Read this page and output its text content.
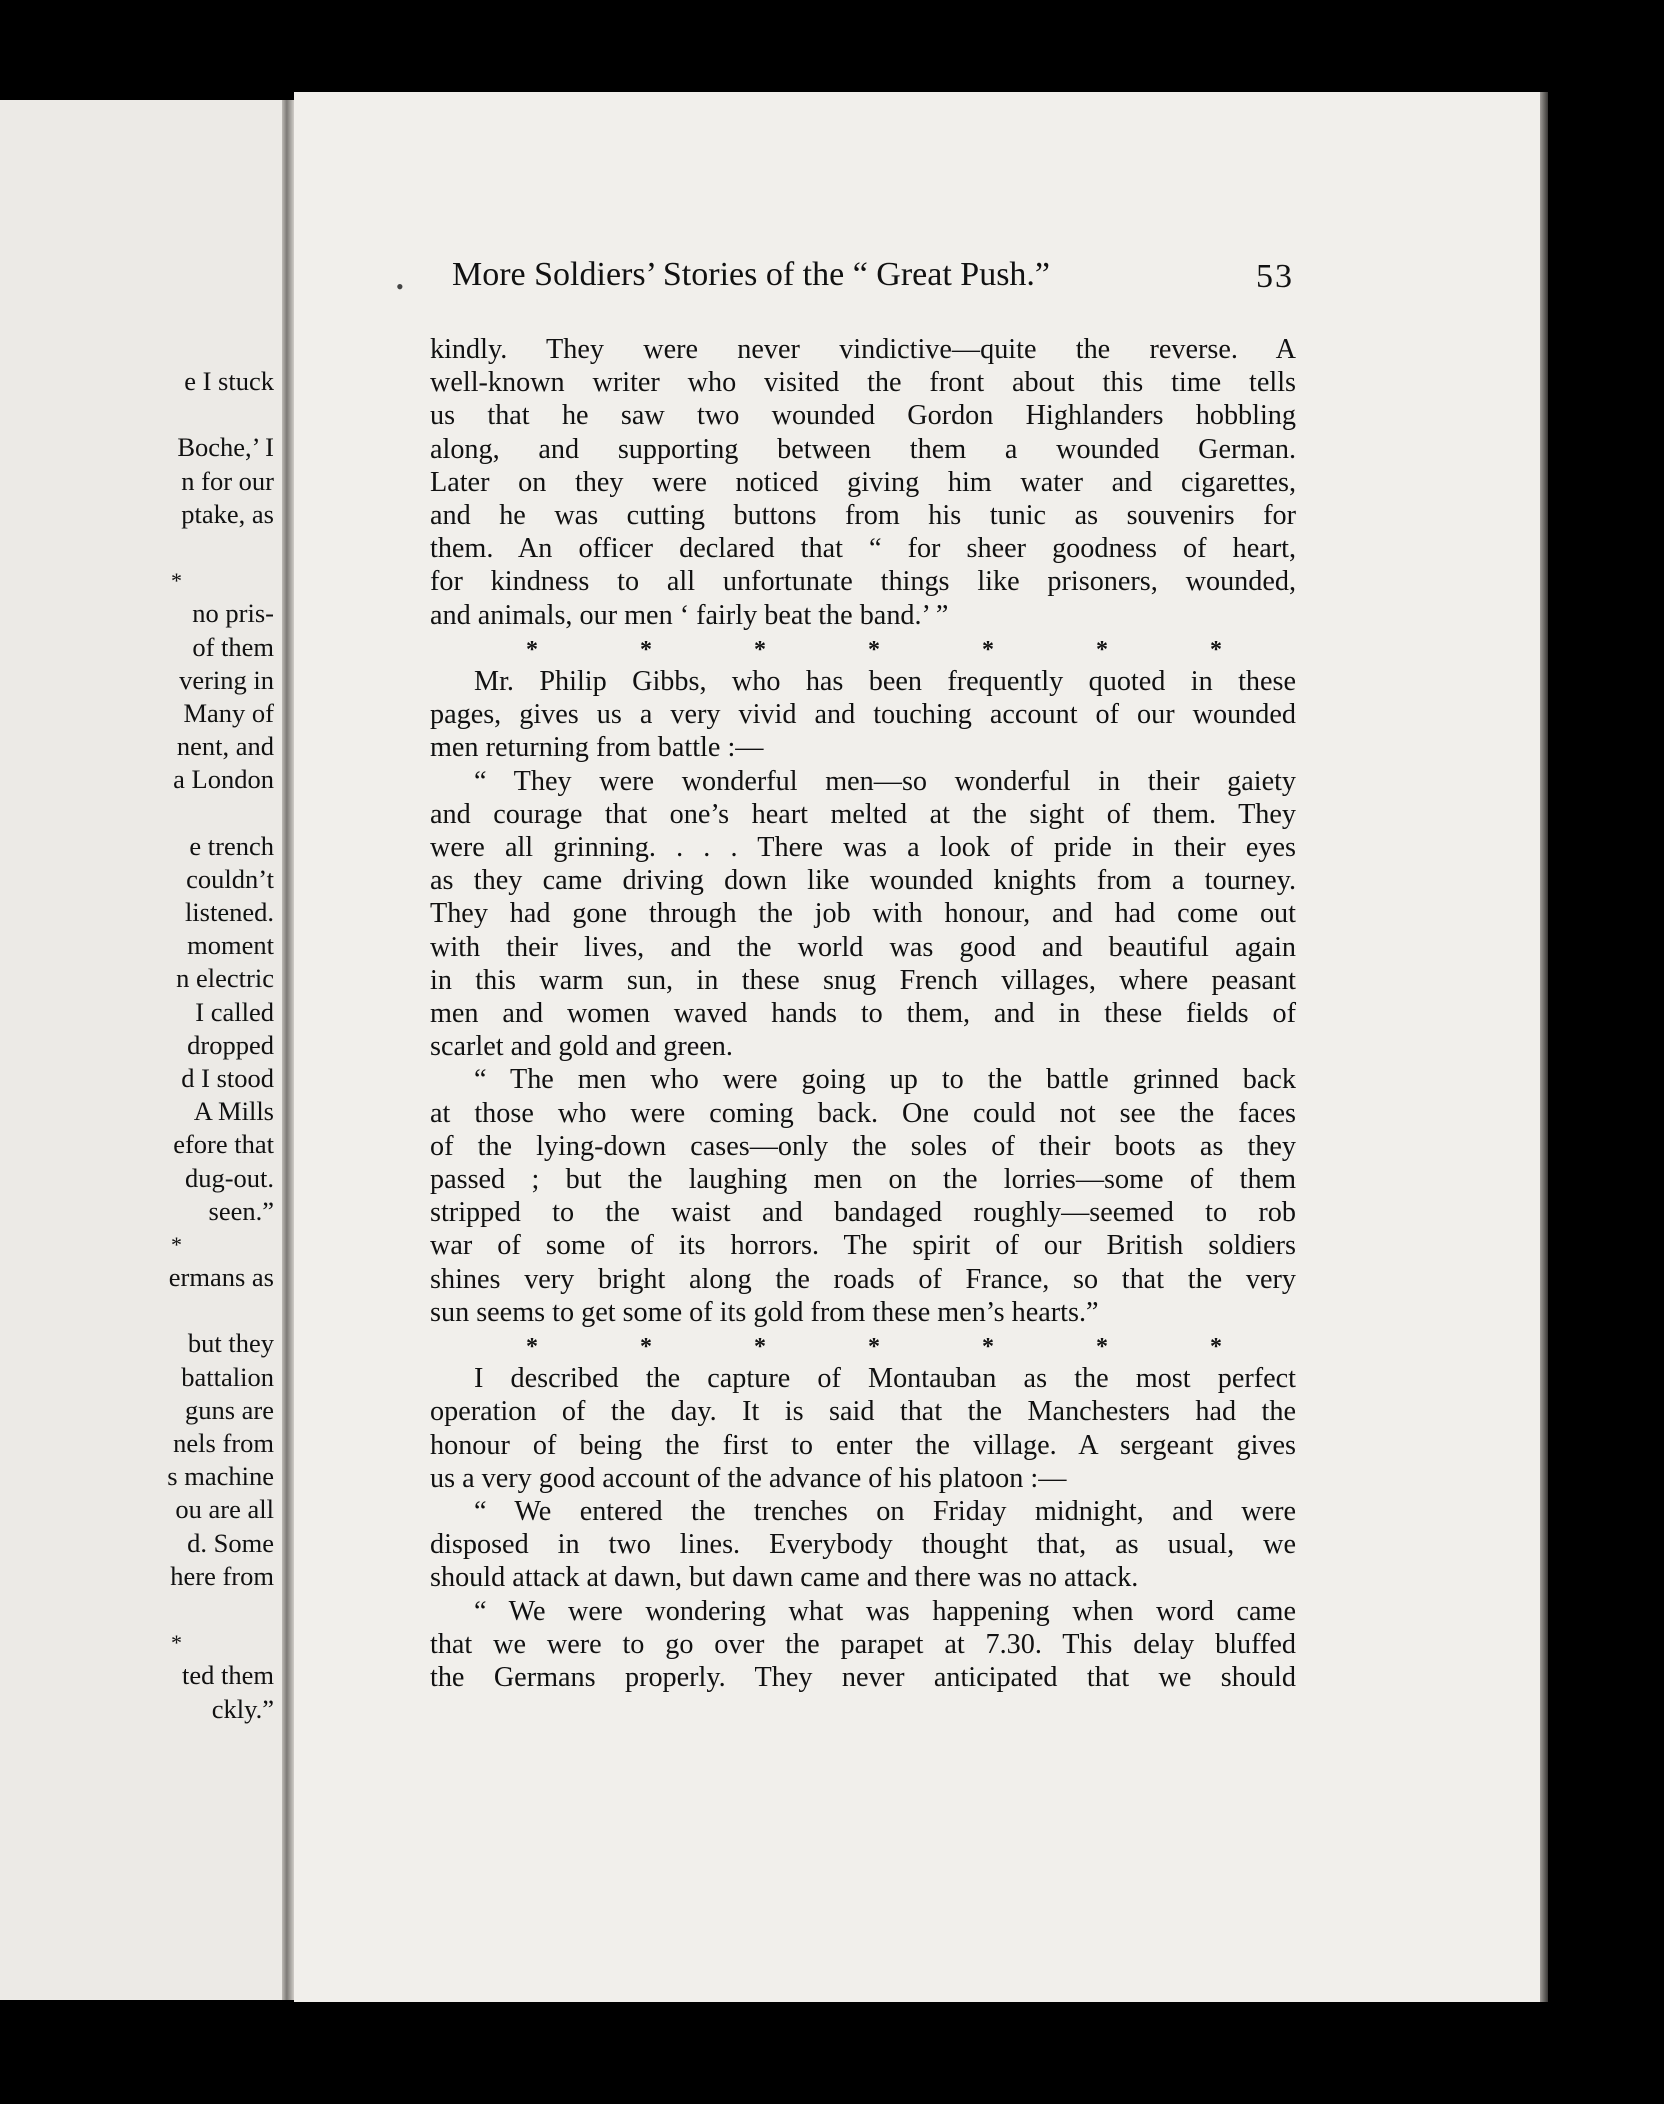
e I stuck

Boche,’ I
n for our
ptake, as

*
no pris-
of them
vering in
Many of
nent, and
a London

e trench
couldn’t
listened.
moment
n electric
I called
dropped
d I stood
A Mills
efore that
dug-out.
seen.”
*
ermans as

but they
battalion
guns are
nels from
s machine
ou are all
d. Some
here from

*
ted them
ckly.”
• More Soldiers’ Stories of the “ Great Push.”	53

kindly. They were never vindictive—quite the reverse. A

well-known writer who visited the front about this time tells

us that he saw two wounded Gordon Highlanders hobbling

along, and supporting between them a wounded German.

Later on they were noticed giving him water and cigarettes,

and he was cutting buttons from his tunic as souvenirs for

them. An officer declared that “ for sheer goodness of heart,

for kindness to all unfortunate things like prisoners, wounded,

and animals, our men ‘ fairly beat the band.’ ”

*	*	*	*	*	*	*

Mr. Philip Gibbs, who has been frequently quoted in these

pages, gives us a very vivid and touching account of our wounded

men returning from battle :—

“ They were wonderful men—so wonderful in their gaiety

and courage that one’s heart melted at the sight of them. They

were all grinning. . . . There was a look of pride in their eyes

as they came driving down like wounded knights from a tourney.

They had gone through the job with honour, and had come out

with their lives, and the world was good and beautiful again

in this warm sun, in these snug French villages, where peasant

men and women waved hands to them, and in these fields of

scarlet and gold and green.

“ The men who were going up to the battle grinned back

at those who were coming back. One could not see the faces

of the lying-down cases—only the soles of their boots as they

passed ; but the laughing men on the lorries—some of them

stripped to the waist and bandaged roughly—seemed to rob

war of some of its horrors. The spirit of our British soldiers

shines very bright along the roads of France, so that the very

sun seems to get some of its gold from these men’s hearts.”

*	*	*	*	*	*	*

I described the capture of Montauban as the most perfect

operation of the day. It is said that the Manchesters had the

honour of being the first to enter the village. A sergeant gives

us a very good account of the advance of his platoon :—

“ We entered the trenches on Friday midnight, and were

disposed in two lines. Everybody thought that, as usual, we

should attack at dawn, but dawn came and there was no attack.

“ We were wondering what was happening when word came

that we were to go over the parapet at 7.30. This delay bluffed

the Germans properly. They never anticipated that we should
